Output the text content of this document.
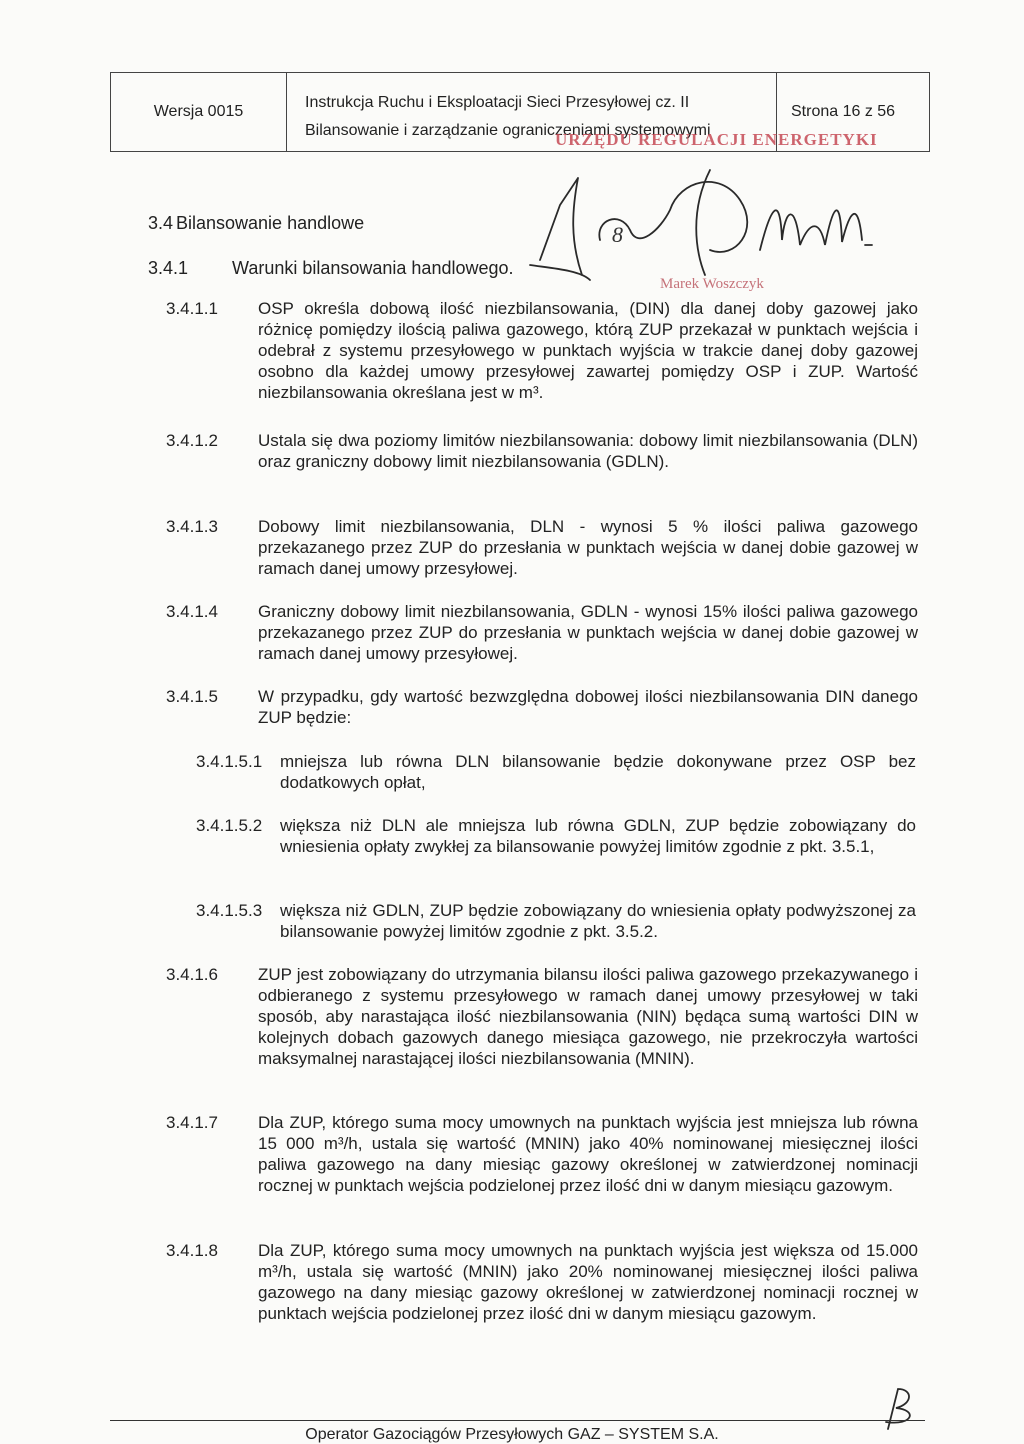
Wersja 0015
Instrukcja Ruchu i Eksploatacji Sieci Przesyłowej cz. II
Bilansowanie i zarządzanie ograniczeniami systemowymi
Strona 16 z 56
URZĘDU REGULACJI ENERGETYKI
Marek Woszczyk
8
3.4 Bilansowanie handlowe
3.4.1 Warunki bilansowania handlowego.
3.4.1.1 OSP określa dobową ilość niezbilansowania, (DIN) dla danej doby gazowej jako różnicę pomiędzy ilością paliwa gazowego, którą ZUP przekazał w punktach wejścia i odebrał z systemu przesyłowego w punktach wyjścia w trakcie danej doby gazowej osobno dla każdej umowy przesyłowej zawartej pomiędzy OSP i ZUP. Wartość niezbilansowania określana jest w m³.
3.4.1.2 Ustala się dwa poziomy limitów niezbilansowania: dobowy limit niezbilansowania (DLN) oraz graniczny dobowy limit niezbilansowania (GDLN).
3.4.1.3 Dobowy limit niezbilansowania, DLN - wynosi 5 % ilości paliwa gazowego przekazanego przez ZUP do przesłania w punktach wejścia w danej dobie gazowej w ramach danej umowy przesyłowej.
3.4.1.4 Graniczny dobowy limit niezbilansowania, GDLN - wynosi 15% ilości paliwa gazowego przekazanego przez ZUP do przesłania w punktach wejścia w danej dobie gazowej w ramach danej umowy przesyłowej.
3.4.1.5 W przypadku, gdy wartość bezwzględna dobowej ilości niezbilansowania DIN danego ZUP będzie:
3.4.1.5.1 mniejsza lub równa DLN bilansowanie będzie dokonywane przez OSP bez dodatkowych opłat,
3.4.1.5.2 większa niż DLN ale mniejsza lub równa GDLN, ZUP będzie zobowiązany do wniesienia opłaty zwykłej za bilansowanie powyżej limitów zgodnie z pkt. 3.5.1,
3.4.1.5.3 większa niż GDLN, ZUP będzie zobowiązany do wniesienia opłaty podwyższonej za bilansowanie powyżej limitów zgodnie z pkt. 3.5.2.
3.4.1.6 ZUP jest zobowiązany do utrzymania bilansu ilości paliwa gazowego przekazywanego i odbieranego z systemu przesyłowego w ramach danej umowy przesyłowej w taki sposób, aby narastająca ilość niezbilansowania (NIN) będąca sumą wartości DIN w kolejnych dobach gazowych danego miesiąca gazowego, nie przekroczyła wartości maksymalnej narastającej ilości niezbilansowania (MNIN).
3.4.1.7 Dla ZUP, którego suma mocy umownych na punktach wyjścia jest mniejsza lub równa 15 000 m³/h, ustala się wartość (MNIN) jako 40% nominowanej miesięcznej ilości paliwa gazowego na dany miesiąc gazowy określonej w zatwierdzonej nominacji rocznej w punktach wejścia podzielonej przez ilość dni w danym miesiącu gazowym.
3.4.1.8 Dla ZUP, którego suma mocy umownych na punktach wyjścia jest większa od 15.000 m³/h, ustala się wartość (MNIN) jako 20% nominowanej miesięcznej ilości paliwa gazowego na dany miesiąc gazowy określonej w zatwierdzonej nominacji rocznej w punktach wejścia podzielonej przez ilość dni w danym miesiącu gazowym.
Operator Gazociągów Przesyłowych GAZ – SYSTEM S.A.
